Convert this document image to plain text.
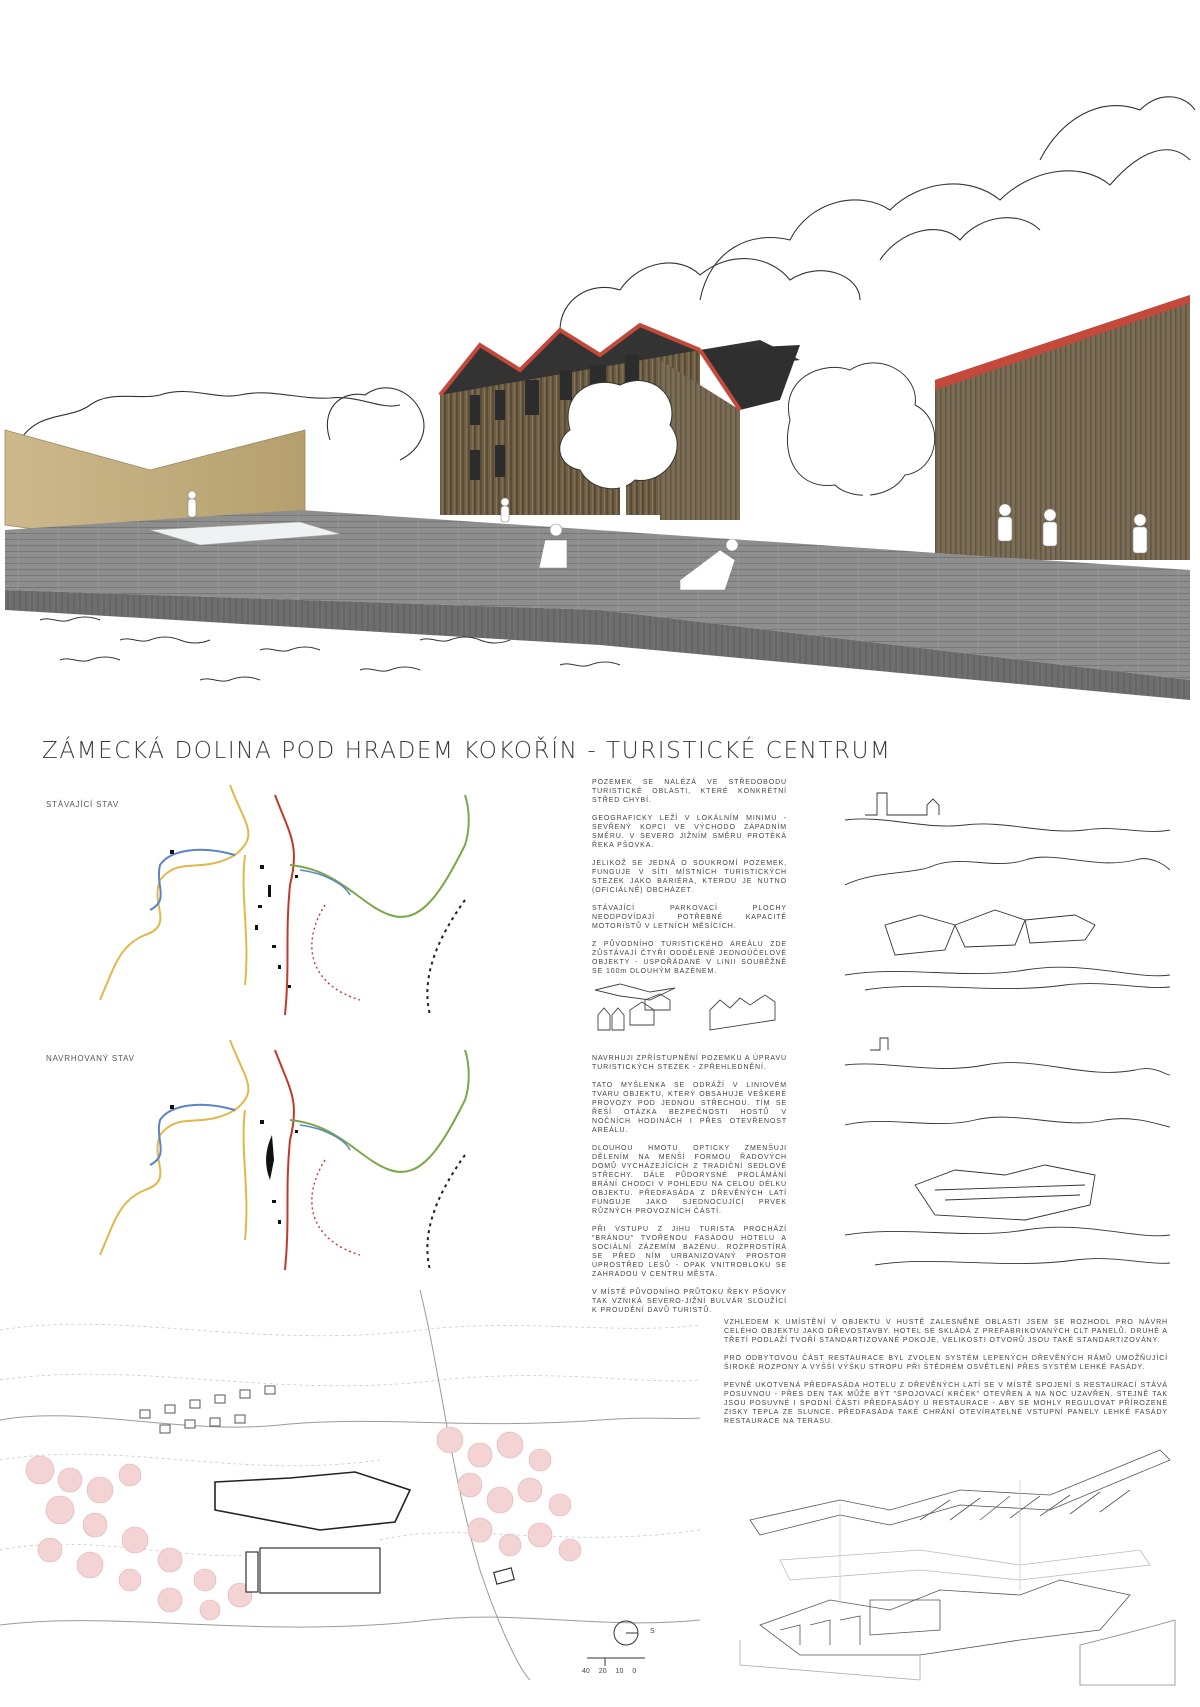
ZÁMECKÁ DOLINA POD HRADEM KOKOŘÍN - TURISTICKÉ CENTRUM
STÁVAJÍCÍ STAV
NAVRHOVANÝ STAV

POZEMEK SE NALÉZÁ VE STŘEDOBODU TURISTICKÉ OBLASTI, KTERÉ KONKRÉTNÍ STŘED CHYBÍ.

GEOGRAFICKY LEŽÍ V LOKÁLNÍM MINIMU - SEVŘENÝ KOPCI VE VÝCHODO ZÁPADNÍM SMĚRU. V SEVERO JIŽNÍM SMĚRU PROTÉKÁ ŘEKA PŠOVKA.

JELIKOŽ SE JEDNÁ O SOUKROMÍ POZEMEK, FUNGUJE V SÍTI MÍSTNÍCH TURISTICKÝCH STEZEK JAKO BARIÉRA, KTEROU JE NUTNO (OFICIÁLNĚ) OBCHÁZET.

STÁVAJÍCÍ PARKOVACÍ PLOCHY NEODPOVÍDAJÍ POTŘEBNÉ KAPACITĚ MOTORISTŮ V LETNÍCH MĚSÍCÍCH.

Z PŮVODNÍHO TURISTICKÉHO AREÁLU ZDE ZŮSTÁVAJÍ ČTYŘI ODDĚLENÉ JEDNOÚČELOVÉ OBJEKTY - USPOŘÁDANÉ V LINII SOUBĚŽNĚ SE 100m DLOUHÝM BAZÉNEM.

NAVRHUJI ZPŘÍSTUPNĚNÍ POZEMKU A ÚPRAVU TURISTICKÝCH STEZEK - ZPŘEHLEDNĚNÍ.

TATO MYŠLENKA SE ODRÁŽÍ V LINIOVÉM TVARU OBJEKTU, KTERÝ OBSAHUJE VEŠKERÉ PROVOZY POD JEDNOU STŘECHOU. TÍM SE ŘEŠÍ OTÁZKA BEZPEČNOSTI HOSTŮ V NOČNÍCH HODINÁCH I PŘES OTEVŘENOST AREÁLU.

DLOUHOU HMOTU OPTICKY ZMENŠUJI DĚLENÍM NA MENŠÍ FORMOU ŘADOVÝCH DOMŮ VYCHÁZEJÍCÍCH Z TRADIČNÍ SEDLOVÉ STŘECHY. DÁLE PŮDORYSNÉ PROLÁMÁNÍ BRÁNÍ CHODCI V POHLEDU NA CELOU DÉLKU OBJEKTU. PŘEDFASÁDA Z DŘEVĚNÝCH LATÍ FUNGUJE JAKO SJEDNOCUJÍCÍ PRVEK RŮZNÝCH PROVOZNÍCH ČÁSTÍ.

PŘI VSTUPU Z JIHU TURISTA PROCHÁZÍ "BRÁNOU" TVOŘENOU FASÁDOU HOTELU A SOCIÁLNÍ ZÁZEMÍM BAZÉNU. ROZPROSTÍRÁ SE PŘED NÍM URBANIZOVANÝ PROSTOR UPROSTŘED LESŮ - OPAK VNITROBLOKU SE ZAHRADOU V CENTRU MĚSTA.

V MÍSTĚ PŮVODNÍHO PRŮTOKU ŘEKY PŠOVKY TAK VZNIKÁ SEVERO-JIŽNÍ BULVÁR SLOUŽÍCÍ K PROUDĚNÍ DAVŮ TURISTŮ.

S
40 20 10 0

VZHLEDEM K UMÍSTĚNÍ V OBJEKTU V HUSTĚ ZALESNĚNÉ OBLASTI JSEM SE ROZHODL PRO NÁVRH CELÉHO OBJEKTU JAKO DŘEVOSTAVBY. HOTEL SE SKLÁDÁ Z PREFABRIKOVANÝCH CLT PANELŮ. DRUHÉ A TŘETÍ PODLAŽÍ TVOŘÍ STANDARTIZOVANÉ POKOJE, VELIKOSTI OTVORŮ JSOU TAKÉ STANDARTIZOVÁNY.

PRO ODBYTOVOU ČÁST RESTAURACE BYL ZVOLEN SYSTÉM LEPENÝCH DŘEVĚNÝCH RÁMŮ UMOŽŇUJÍCÍ ŠIROKÉ ROZPONY A VYŠŠÍ VÝŠKU STROPU PŘI ŠTĚDRÉM OSVĚTLENÍ PŘES SYSTÉM LEHKÉ FASÁDY.

PEVNĚ UKOTVENÁ PŘEDFASÁDA HOTELU Z DŘEVĚNÝCH LATÍ SE V MÍSTĚ SPOJENÍ S RESTAURACÍ STÁVÁ POSUVNOU - PŘES DEN TAK MŮŽE BÝT "SPOJOVACÍ KRČEK" OTEVŘEN A NA NOC UZAVŘEN. STEJNĚ TAK JSOU POSUVNÉ I SPODNÍ ČÁSTI PŘEDFASÁDY U RESTAURACE - ABY SE MOHLY REGULOVAT PŘÍROZENÉ ZISKY TEPLA ZE SLUNCE. PŘEDFASÁDA TAKÉ CHRÁNÍ OTEVÍRATELNÉ VSTUPNÍ PANELY LEHKÉ FASÁDY RESTAURACE NA TERASU.
